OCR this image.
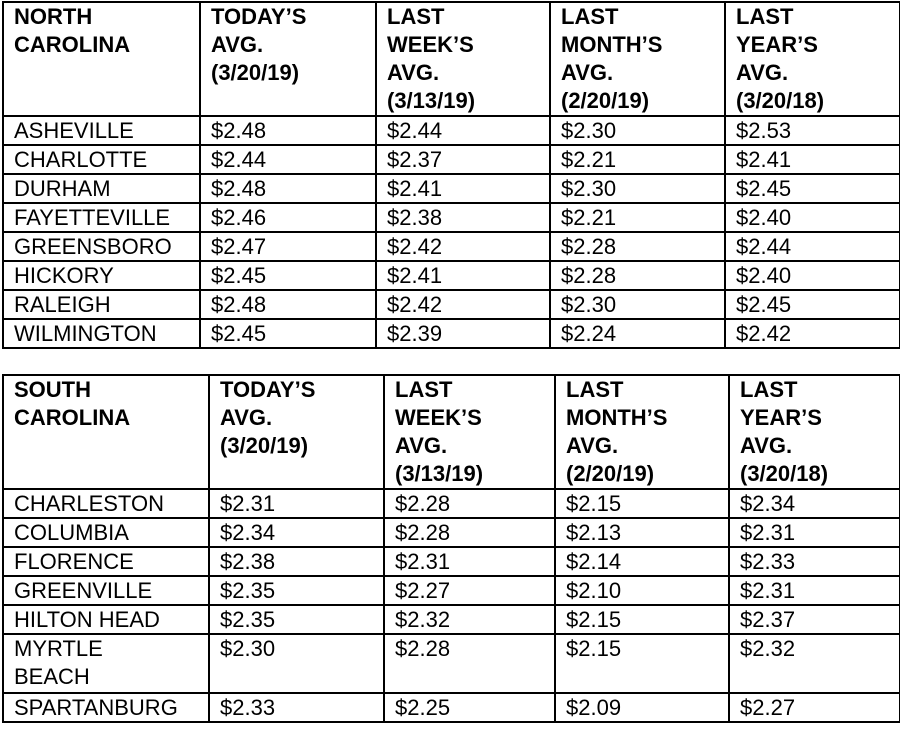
NORTH
CAROLINA	TODAY’S
AVG.
(3/20/19)	LAST
WEEK’S
AVG.
(3/13/19)	LAST
MONTH’S
AVG.
(2/20/19)	LAST
YEAR’S
AVG.
(3/20/18)
ASHEVILLE	$2.48	$2.44	$2.30	$2.53
CHARLOTTE	$2.44	$2.37	$2.21	$2.41
DURHAM	$2.48	$2.41	$2.30	$2.45
FAYETTEVILLE	$2.46	$2.38	$2.21	$2.40
GREENSBORO	$2.47	$2.42	$2.28	$2.44
HICKORY	$2.45	$2.41	$2.28	$2.40
RALEIGH	$2.48	$2.42	$2.30	$2.45
WILMINGTON	$2.45	$2.39	$2.24	$2.42
SOUTH
CAROLINA	TODAY’S
AVG.
(3/20/19)	LAST
WEEK’S
AVG.
(3/13/19)	LAST
MONTH’S
AVG.
(2/20/19)	LAST
YEAR’S
AVG.
(3/20/18)
CHARLESTON	$2.31	$2.28	$2.15	$2.34
COLUMBIA	$2.34	$2.28	$2.13	$2.31
FLORENCE	$2.38	$2.31	$2.14	$2.33
GREENVILLE	$2.35	$2.27	$2.10	$2.31
HILTON HEAD	$2.35	$2.32	$2.15	$2.37
MYRTLE BEACH	$2.30	$2.28	$2.15	$2.32
SPARTANBURG	$2.33	$2.25	$2.09	$2.27
